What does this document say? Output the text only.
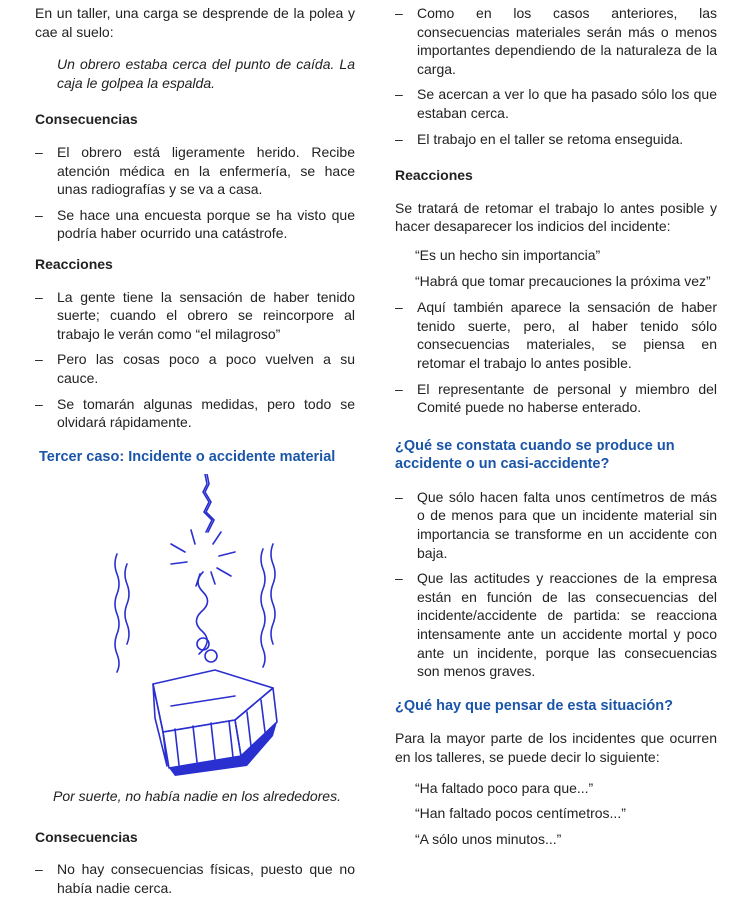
En un taller, una carga se desprende de la polea y cae al suelo:

Un obrero estaba cerca del punto de caída. La caja le golpea la espalda.

Consecuencias
– El obrero está ligeramente herido. Recibe atención médica en la enfermería, se hace unas radiografías y se va a casa.
– Se hace una encuesta porque se ha visto que podría haber ocurrido una catástrofe.
Reacciones
– La gente tiene la sensación de haber tenido suerte; cuando el obrero se reincorpore al trabajo le verán como “el milagroso”
– Pero las cosas poco a poco vuelven a su cauce.
– Se tomarán algunas medidas, pero todo se olvidará rápidamente.
Tercer caso: Incidente o accidente material

Por suerte, no había nadie en los alrededores.

Consecuencias
– No hay consecuencias físicas, puesto que no había nadie cerca.
– Como en los casos anteriores, las consecuencias materiales serán más o menos importantes dependiendo de la naturaleza de la carga.
– Se acercan a ver lo que ha pasado sólo los que estaban cerca.
– El trabajo en el taller se retoma enseguida.
Reacciones

Se tratará de retomar el trabajo lo antes posible y hacer desaparecer los indicios del incidente:

“Es un hecho sin importancia”
“Habrá que tomar precauciones la próxima vez”
– Aquí también aparece la sensación de haber tenido suerte, pero, al haber tenido sólo consecuencias materiales, se piensa en retomar el trabajo lo antes posible.
– El representante de personal y miembro del Comité puede no haberse enterado.
¿Qué se constata cuando se produce un accidente o un casi-accidente?
– Que sólo hacen falta unos centímetros de más o de menos para que un incidente material sin importancia se transforme en un accidente con baja.
– Que las actitudes y reacciones de la empresa están en función de las consecuencias del incidente/accidente de partida: se reacciona intensamente ante un accidente mortal y poco ante un incidente, porque las consecuencias son menos graves.
¿Qué hay que pensar de esta situación?

Para la mayor parte de los incidentes que ocurren en los talleres, se puede decir lo siguiente:

“Ha faltado poco para que...”
“Han faltado pocos centímetros...”
“A sólo unos minutos...”
